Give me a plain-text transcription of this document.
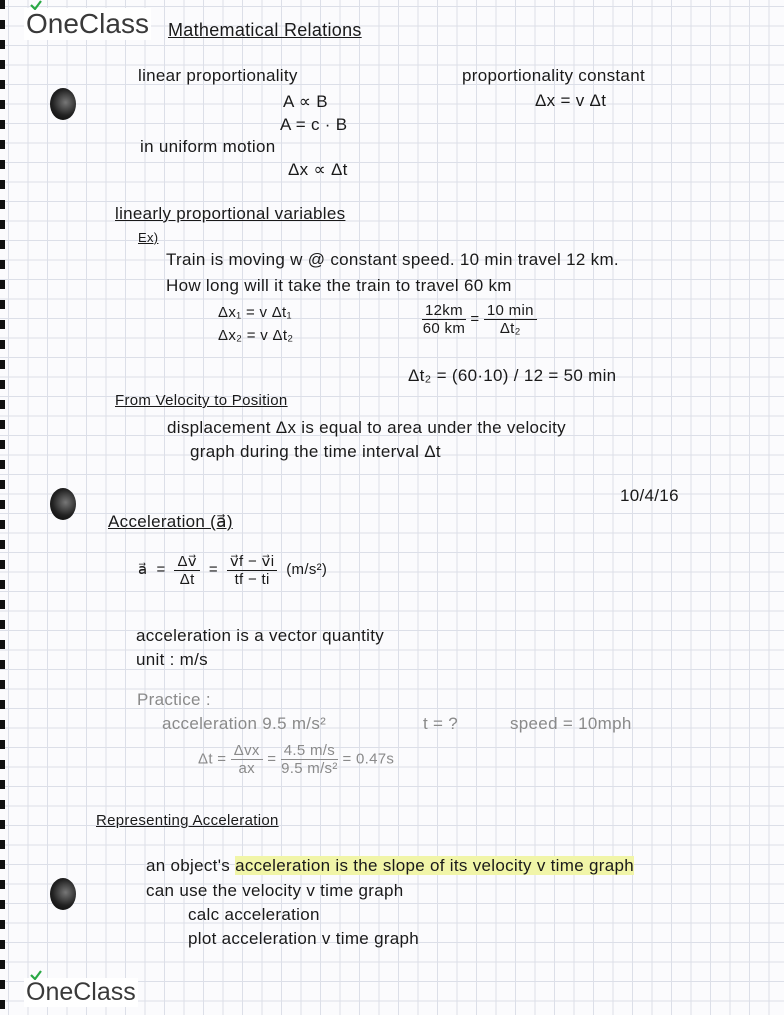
OneClass
OneClass
Mathematical Relations
linear proportionality
A ∝ B
A = c · B
in uniform motion
Δx ∝ Δt
proportionality constant
Δx = v Δt
linearly proportional variables
Ex)
Train is moving w @ constant speed. 10 min travel 12 km.
How long will it take the train to travel 60 km
Δx₁ = v Δt₁
Δx₂ = v Δt₂	$\frac{12km}{60 km} = \frac{10 \min}{\text{Δt₂}}$
Δt₂ = (60·10) / 12 = 50 min
From Velocity to Position
displacement Δx is equal to area under the velocity
graph during the time interval Δt
10/4/16
Acceleration (a⃗)
a⃗ = $\frac{\Delta v⃗}{\Delta t} = \frac{v⃗f - v⃗i}{tf - ti} (m/s^2)$
acceleration is a vector quantity
unit : m/s
Practice :
acceleration 9.5 m/s²	t = ?	speed = 10mph
$\Delta t = \frac{\text{Δvx}}{ax} = \frac{4.5 m/s}{\text{9.5 m/s²}} = 0.47s$
Representing Acceleration
an object's acceleration is the slope of its velocity v time graph
can use the velocity v time graph
calc acceleration
plot acceleration v time graph
